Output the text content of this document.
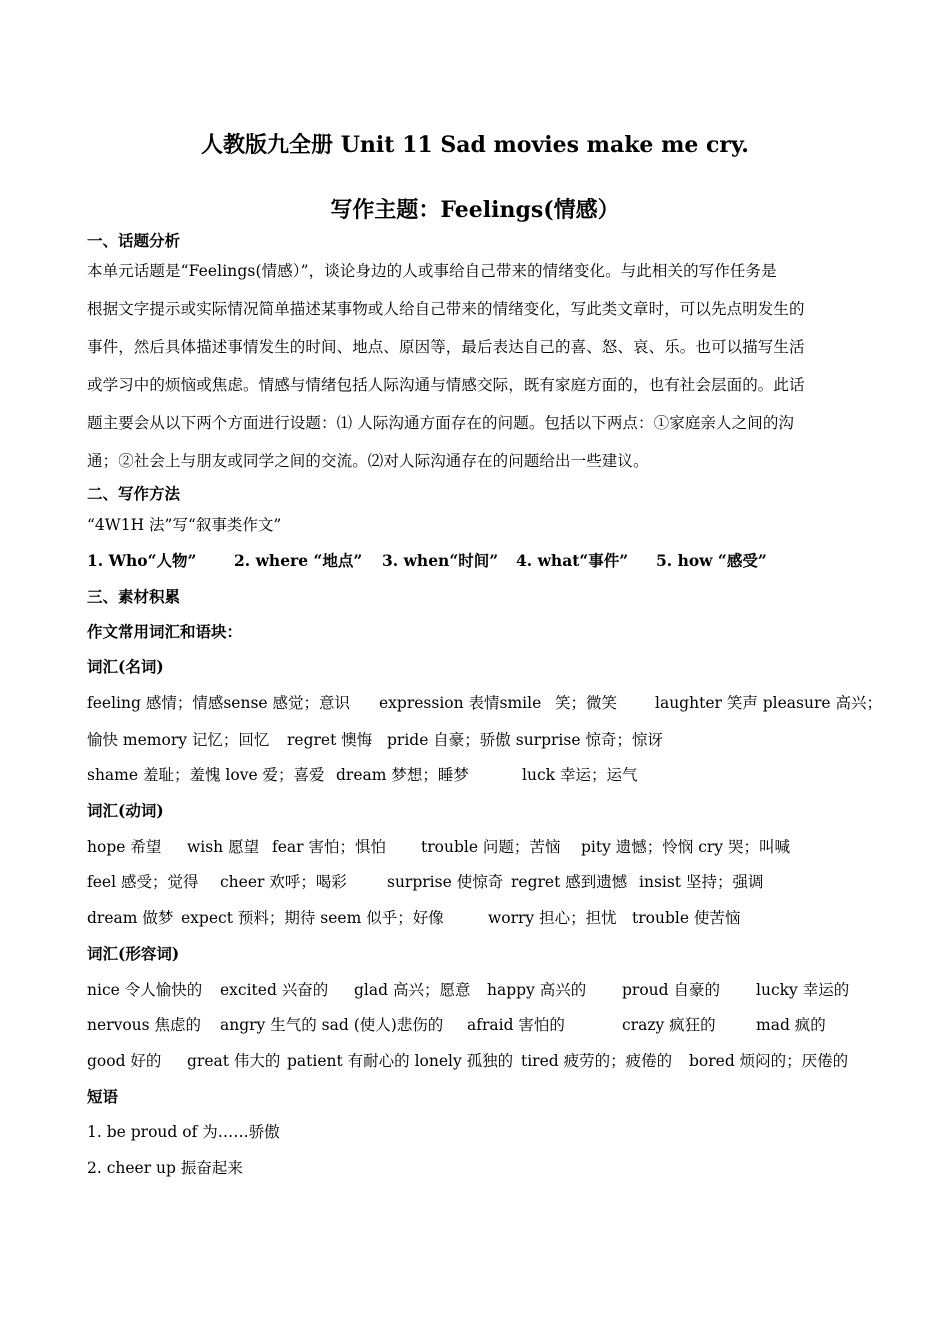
人教版九全册 Unit 11 Sad movies make me cry.
写作主题：Feelings(情感）
一、话题分析
本单元话题是“Feelings(情感）”，谈论身边的人或事给自己带来的情绪变化。与此相关的写作任务是
根据文字提示或实际情况简单描述某事物或人给自己带来的情绪变化，写此类文章时，可以先点明发生的
事件，然后具体描述事情发生的时间、地点、原因等，最后表达自己的喜、怒、哀、乐。也可以描写生活
或学习中的烦恼或焦虑。情感与情绪包括人际沟通与情感交际，既有家庭方面的，也有社会层面的。此话
题主要会从以下两个方面进行设题：⑴ 人际沟通方面存在的问题。包括以下两点：①家庭亲人之间的沟
通；②社会上与朋友或同学之间的交流。⑵对人际沟通存在的问题给出一些建议。
二、写作方法
“4W1H 法”写“叙事类作文”
1. Who“人物” 2. where “地点” 3. when“时间” 4. what“事件” 5. how “感受”
三、素材积累
作文常用词汇和语块：
词汇(名词)
feeling 感情；情感sense 感觉；意识 expression 表情smile 笑；微笑 laughter 笑声 pleasure 高兴；
愉快 memory 记忆；回忆 regret 懊悔 pride 自豪；骄傲 surprise 惊奇；惊讶
shame 羞耻；羞愧 love 爱；喜爱 dream 梦想；睡梦	luck 幸运；运气
词汇(动词)
hope 希望 wish 愿望 fear 害怕；惧怕 trouble 问题；苦恼 pity 遗憾；怜悯 cry 哭；叫喊
feel 感受；觉得 cheer 欢呼；喝彩	surprise 使惊奇 regret 感到遗憾 insist 坚持；强调
dream 做梦 expect 预料；期待 seem 似乎；好像	worry 担心；担忧 trouble 使苦恼
词汇(形容词)
nice 令人愉快的 excited 兴奋的 glad 高兴；愿意 happy 高兴的 proud 自豪的 lucky 幸运的
nervous 焦虑的 angry 生气的 sad (使人)悲伤的 afraid 害怕的	crazy 疯狂的	mad 疯的
good 好的 great 伟大的 patient 有耐心的 lonely 孤独的 tired 疲劳的；疲倦的 bored 烦闷的；厌倦的
短语
1. be proud of 为……骄傲
2. cheer up 振奋起来
